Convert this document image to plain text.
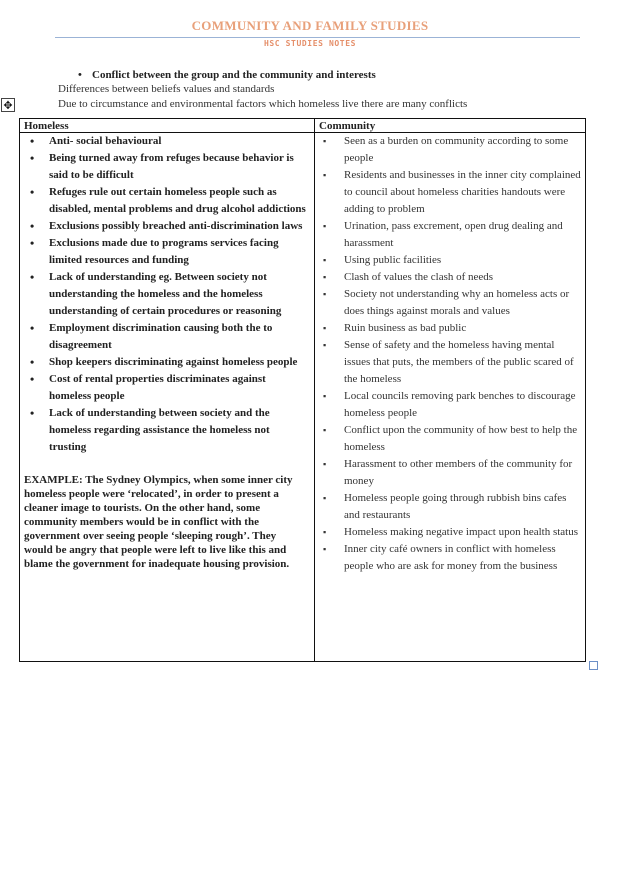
COMMUNITY AND FAMILY STUDIES
HSC STUDIES NOTES
• Conflict between the group and the community and interests
Differences between beliefs values and standards
Due to circumstance and environmental factors which homeless live there are many conflicts
✥
Homeless	Community
• Anti- social behavioural
• Being turned away from refuges because behavior is said to be difficult
• Refuges rule out certain homeless people such as disabled, mental problems and drug alcohol addictions
• Exclusions possibly breached anti-discrimination laws
• Exclusions made due to programs services facing limited resources and funding
• Lack of understanding eg. Between society not understanding the homeless and the homeless understanding of certain procedures or reasoning
• Employment discrimination causing both the to disagreement
• Shop keepers discriminating against homeless people
• Cost of rental properties discriminates against homeless people
• Lack of understanding between society and the homeless regarding assistance the homeless not trusting
EXAMPLE: The Sydney Olympics, when some inner city homeless people were ‘relocated’, in order to present a cleaner image to tourists. On the other hand, some community members would be in conflict with the government over seeing people ‘sleeping rough’. They would be angry that people were left to live like this and blame the government for inadequate housing provision.
▪ Seen as a burden on community according to some people
▪ Residents and businesses in the inner city complained to council about homeless charities handouts were adding to problem
▪ Urination, pass excrement, open drug dealing and harassment
▪ Using public facilities
▪ Clash of values the clash of needs
▪ Society not understanding why an homeless acts or does things against morals and values
▪ Ruin business as bad public
▪ Sense of safety and the homeless having mental issues that puts, the members of the public scared of the homeless
▪ Local councils removing park benches to discourage homeless people
▪ Conflict upon the community of how best to help the homeless
▪ Harassment to other members of the community for money
▪ Homeless people going through rubbish bins cafes and restaurants
▪ Homeless making negative impact upon health status
▪ Inner city café owners in conflict with homeless people who are ask for money from the business
